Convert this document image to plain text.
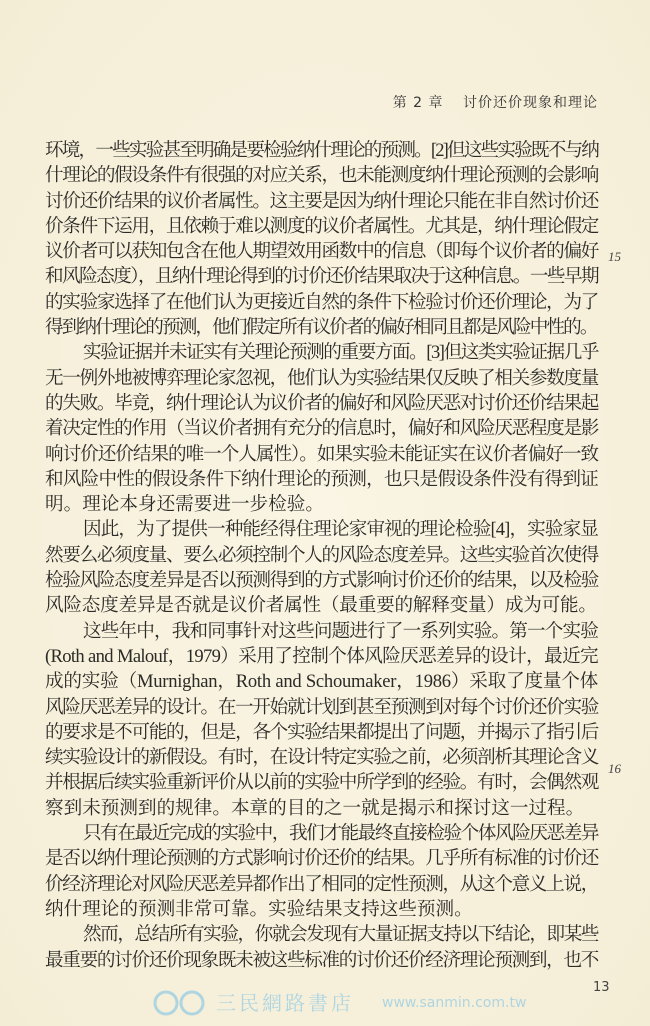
第 2 章 讨价还价现象和理论
环境，一些实验甚至明确是要检验纳什理论的预测。[2]但这些实验既不与纳
什理论的假设条件有很强的对应关系，也未能测度纳什理论预测的会影响
讨价还价结果的议价者属性。这主要是因为纳什理论只能在非自然讨价还
价条件下运用，且依赖于难以测度的议价者属性。尤其是，纳什理论假定
议价者可以获知包含在他人期望效用函数中的信息（即每个议价者的偏好
和风险态度），且纳什理论得到的讨价还价结果取决于这种信息。一些早期
的实验家选择了在他们认为更接近自然的条件下检验讨价还价理论，为了
得到纳什理论的预测，他们假定所有议价者的偏好相同且都是风险中性的。
实验证据并未证实有关理论预测的重要方面。[3]但这类实验证据几乎
无一例外地被博弈理论家忽视，他们认为实验结果仅反映了相关参数度量
的失败。毕竟，纳什理论认为议价者的偏好和风险厌恶对讨价还价结果起
着决定性的作用（当议价者拥有充分的信息时，偏好和风险厌恶程度是影
响讨价还价结果的唯一个人属性）。如果实验未能证实在议价者偏好一致
和风险中性的假设条件下纳什理论的预测，也只是假设条件没有得到证
明。理论本身还需要进一步检验。
因此，为了提供一种能经得住理论家审视的理论检验[4]，实验家显
然要么必须度量、要么必须控制个人的风险态度差异。这些实验首次使得
检验风险态度差异是否以预测得到的方式影响讨价还价的结果，以及检验
风险态度差异是否就是议价者属性（最重要的解释变量）成为可能。
这些年中，我和同事针对这些问题进行了一系列实验。第一个实验
(Roth and Malouf，1979）采用了控制个体风险厌恶差异的设计，最近完
成的实验（Murnighan，Roth and Schoumaker，1986）采取了度量个体
风险厌恶差异的设计。在一开始就计划到甚至预测到对每个讨价还价实验
的要求是不可能的，但是，各个实验结果都提出了问题，并揭示了指引后
续实验设计的新假设。有时，在设计特定实验之前，必须剖析其理论含义
并根据后续实验重新评价从以前的实验中所学到的经验。有时，会偶然观
察到未预测到的规律。本章的目的之一就是揭示和探讨这一过程。
只有在最近完成的实验中，我们才能最终直接检验个体风险厌恶差异
是否以纳什理论预测的方式影响讨价还价的结果。几乎所有标准的讨价还
价经济理论对风险厌恶差异都作出了相同的定性预测，从这个意义上说，
纳什理论的预测非常可靠。实验结果支持这些预测。
然而，总结所有实验，你就会发现有大量证据支持以下结论，即某些
最重要的讨价还价现象既未被这些标准的讨价还价经济理论预测到，也不
15
16
13
三民網路書店 www.sanmin.com.tw
